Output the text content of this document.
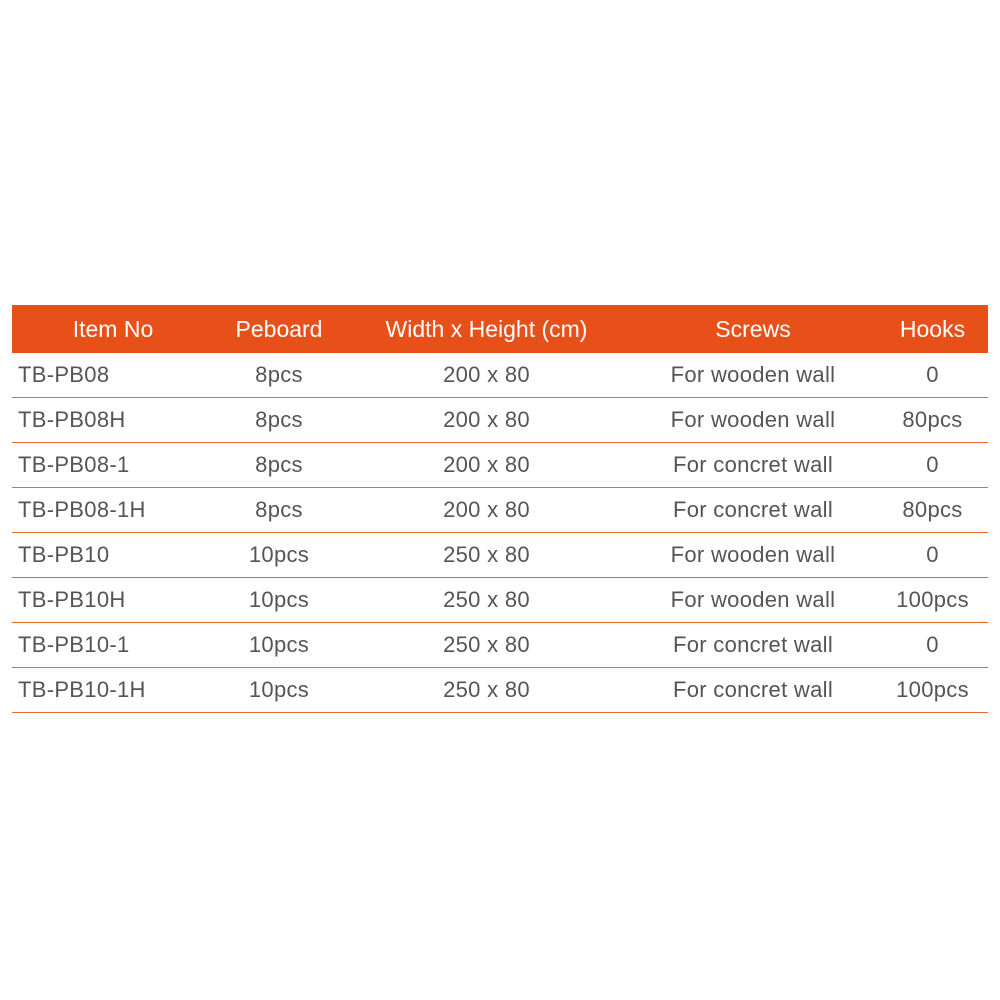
Item No	Peboard	Width x Height (cm)	Screws	Hooks
TB-PB08	8pcs	200 x 80	For wooden wall	0
TB-PB08H	8pcs	200 x 80	For wooden wall	80pcs
TB-PB08-1	8pcs	200 x 80	For concret wall	0
TB-PB08-1H	8pcs	200 x 80	For concret wall	80pcs
TB-PB10	10pcs	250 x 80	For wooden wall	0
TB-PB10H	10pcs	250 x 80	For wooden wall	100pcs
TB-PB10-1	10pcs	250 x 80	For concret wall	0
TB-PB10-1H	10pcs	250 x 80	For concret wall	100pcs
